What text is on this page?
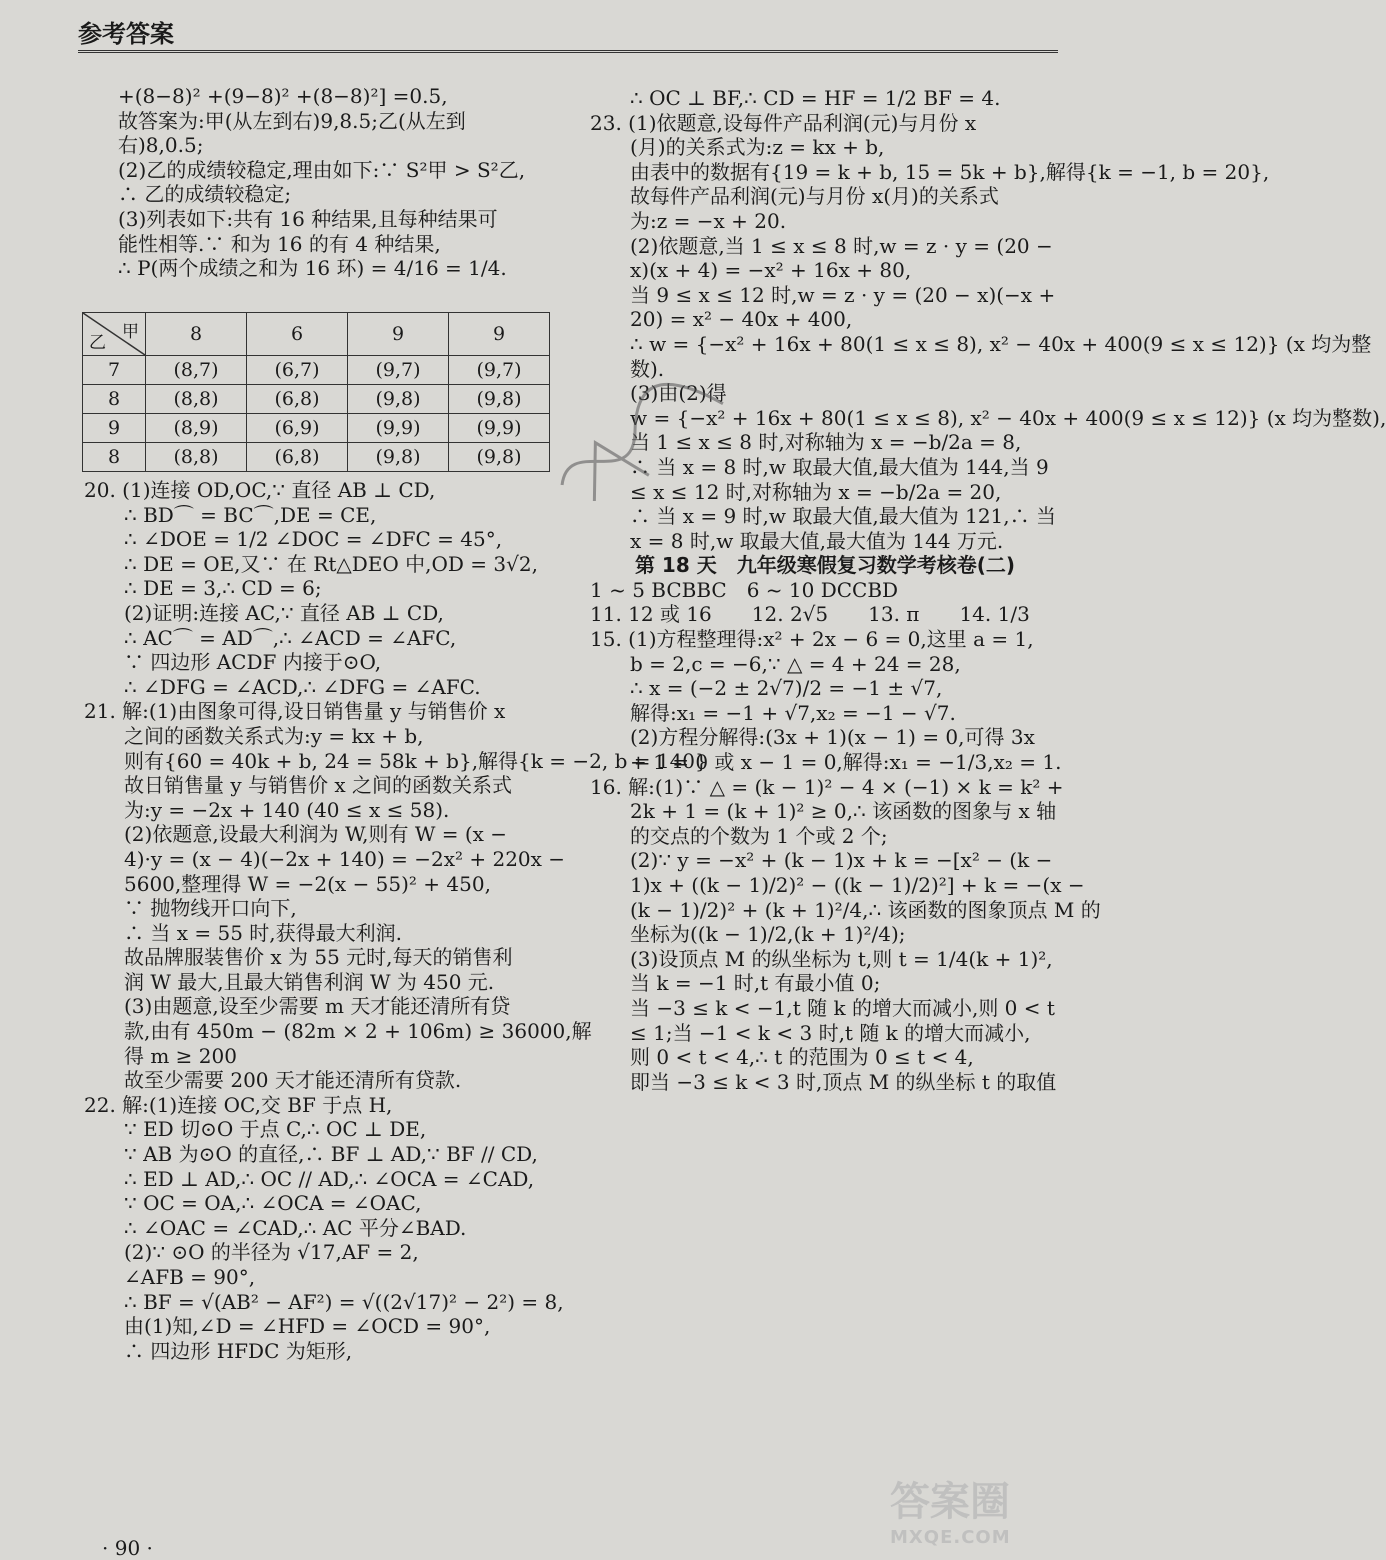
参考答案
+(8−8)² +(9−8)² +(8−8)²] =0.5,
故答案为:甲(从左到右)9,8.5;乙(从左到
右)8,0.5;
(2)乙的成绩较稳定,理由如下:∵ S²甲 > S²乙,
∴ 乙的成绩较稳定;
(3)列表如下:共有 16 种结果,且每种结果可
能性相等.∵ 和为 16 的有 4 种结果,
∴ P(两个成绩之和为 16 环) = 4/16 = 1/4.
甲
乙	8	6	9	9
7	(8,7)	(6,7)	(9,7)	(9,7)
8	(8,8)	(6,8)	(9,8)	(9,8)
9	(8,9)	(6,9)	(9,9)	(9,9)
8	(8,8)	(6,8)	(9,8)	(9,8)
20. (1)连接 OD,OC,∵ 直径 AB ⊥ CD,
∴ BD⌒ = BC⌒,DE = CE,
∴ ∠DOE = 1/2 ∠DOC = ∠DFC = 45°,
∴ DE = OE,又∵ 在 Rt△DEO 中,OD = 3√2,
∴ DE = 3,∴ CD = 6;
(2)证明:连接 AC,∵ 直径 AB ⊥ CD,
∴ AC⌒ = AD⌒,∴ ∠ACD = ∠AFC,
∵ 四边形 ACDF 内接于⊙O,
∴ ∠DFG = ∠ACD,∴ ∠DFG = ∠AFC.
21. 解:(1)由图象可得,设日销售量 y 与销售价 x
之间的函数关系式为:y = kx + b,
则有{60 = 40k + b, 24 = 58k + b},解得{k = −2, b = 140}
故日销售量 y 与销售价 x 之间的函数关系式
为:y = −2x + 140 (40 ≤ x ≤ 58).
(2)依题意,设最大利润为 W,则有 W = (x −
4)·y = (x − 4)(−2x + 140) = −2x² + 220x −
5600,整理得 W = −2(x − 55)² + 450,
∵ 抛物线开口向下,
∴ 当 x = 55 时,获得最大利润.
故品牌服装售价 x 为 55 元时,每天的销售利
润 W 最大,且最大销售利润 W 为 450 元.
(3)由题意,设至少需要 m 天才能还清所有贷
款,由有 450m − (82m × 2 + 106m) ≥ 36000,解
得 m ≥ 200
故至少需要 200 天才能还清所有贷款.
22. 解:(1)连接 OC,交 BF 于点 H,
∵ ED 切⊙O 于点 C,∴ OC ⊥ DE,
∵ AB 为⊙O 的直径,∴ BF ⊥ AD,∵ BF // CD,
∴ ED ⊥ AD,∴ OC // AD,∴ ∠OCA = ∠CAD,
∵ OC = OA,∴ ∠OCA = ∠OAC,
∴ ∠OAC = ∠CAD,∴ AC 平分∠BAD.
(2)∵ ⊙O 的半径为 √17,AF = 2,
∠AFB = 90°,
∴ BF = √(AB² − AF²) = √((2√17)² − 2²) = 8,
由(1)知,∠D = ∠HFD = ∠OCD = 90°,
∴ 四边形 HFDC 为矩形,
∴ OC ⊥ BF,∴ CD = HF = 1/2 BF = 4.
23. (1)依题意,设每件产品利润(元)与月份 x
(月)的关系式为:z = kx + b,
由表中的数据有{19 = k + b, 15 = 5k + b},解得{k = −1, b = 20},
故每件产品利润(元)与月份 x(月)的关系式
为:z = −x + 20.
(2)依题意,当 1 ≤ x ≤ 8 时,w = z · y = (20 −
x)(x + 4) = −x² + 16x + 80,
当 9 ≤ x ≤ 12 时,w = z · y = (20 − x)(−x +
20) = x² − 40x + 400,
∴ w = {−x² + 16x + 80(1 ≤ x ≤ 8), x² − 40x + 400(9 ≤ x ≤ 12)} (x 均为整
数).
(3)由(2)得
w = {−x² + 16x + 80(1 ≤ x ≤ 8), x² − 40x + 400(9 ≤ x ≤ 12)} (x 均为整数),
当 1 ≤ x ≤ 8 时,对称轴为 x = −b/2a = 8,
∴ 当 x = 8 时,w 取最大值,最大值为 144,当 9
≤ x ≤ 12 时,对称轴为 x = −b/2a = 20,
∴ 当 x = 9 时,w 取最大值,最大值为 121,∴ 当
x = 8 时,w 取最大值,最大值为 144 万元.
第 18 天　九年级寒假复习数学考核卷(二)
1 ~ 5 BCBBC　6 ~ 10 DCCBD
11. 12 或 16　　12. 2√5　　13. π　　14. 1/3
15. (1)方程整理得:x² + 2x − 6 = 0,这里 a = 1,
b = 2,c = −6,∵ △ = 4 + 24 = 28,
∴ x = (−2 ± 2√7)/2 = −1 ± √7,
解得:x₁ = −1 + √7,x₂ = −1 − √7.
(2)方程分解得:(3x + 1)(x − 1) = 0,可得 3x
+ 1 = 0 或 x − 1 = 0,解得:x₁ = −1/3,x₂ = 1.
16. 解:(1)∵ △ = (k − 1)² − 4 × (−1) × k = k² +
2k + 1 = (k + 1)² ≥ 0,∴ 该函数的图象与 x 轴
的交点的个数为 1 个或 2 个;
(2)∵ y = −x² + (k − 1)x + k = −[x² − (k −
1)x + ((k − 1)/2)² − ((k − 1)/2)²] + k = −(x −
(k − 1)/2)² + (k + 1)²/4,∴ 该函数的图象顶点 M 的
坐标为((k − 1)/2,(k + 1)²/4);
(3)设顶点 M 的纵坐标为 t,则 t = 1/4(k + 1)²,
当 k = −1 时,t 有最小值 0;
当 −3 ≤ k < −1,t 随 k 的增大而减小,则 0 < t
≤ 1;当 −1 < k < 3 时,t 随 k 的增大而减小,
则 0 < t < 4,∴ t 的范围为 0 ≤ t < 4,
即当 −3 ≤ k < 3 时,顶点 M 的纵坐标 t 的取值
· 90 ·
答案圈
MXQE.COM
